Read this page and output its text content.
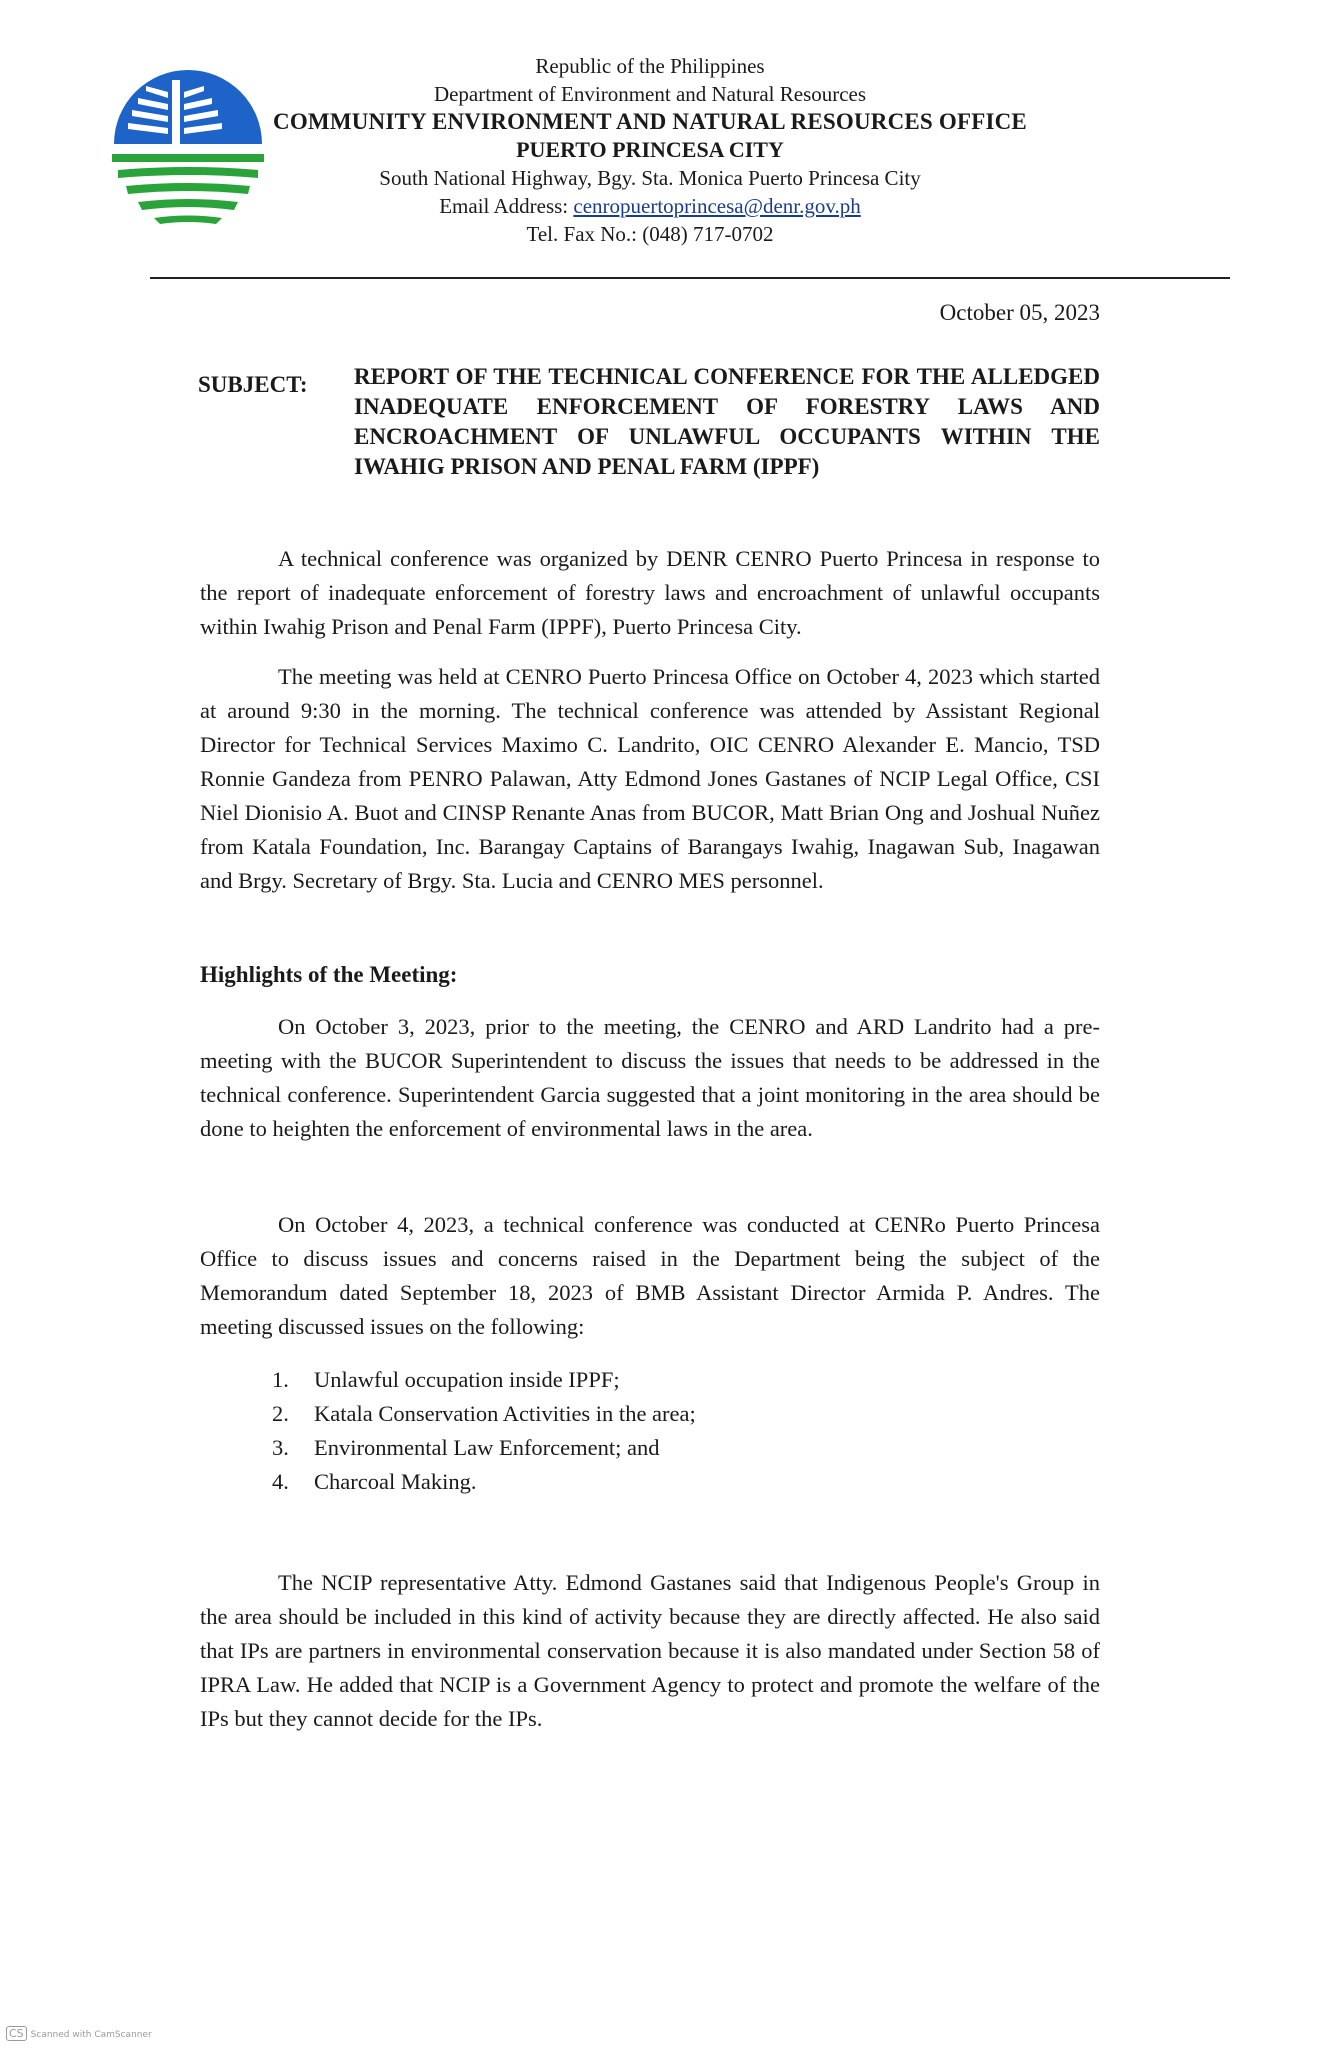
Republic of the Philippines
Department of Environment and Natural Resources
COMMUNITY ENVIRONMENT AND NATURAL RESOURCES OFFICE
PUERTO PRINCESA CITY
South National Highway, Bgy. Sta. Monica Puerto Princesa City
Email Address: cenropuertoprincesa@denr.gov.ph
Tel. Fax No.: (048) 717-0702
October 05, 2023
SUBJECT: REPORT OF THE TECHNICAL CONFERENCE FOR THE ALLEDGED INADEQUATE ENFORCEMENT OF FORESTRY LAWS AND ENCROACHMENT OF UNLAWFUL OCCUPANTS WITHIN THE IWAHIG PRISON AND PENAL FARM (IPPF)
A technical conference was organized by DENR CENRO Puerto Princesa in response to the report of inadequate enforcement of forestry laws and encroachment of unlawful occupants within Iwahig Prison and Penal Farm (IPPF), Puerto Princesa City.
The meeting was held at CENRO Puerto Princesa Office on October 4, 2023 which started at around 9:30 in the morning. The technical conference was attended by Assistant Regional Director for Technical Services Maximo C. Landrito, OIC CENRO Alexander E. Mancio, TSD Ronnie Gandeza from PENRO Palawan, Atty Edmond Jones Gastanes of NCIP Legal Office, CSI Niel Dionisio A. Buot and CINSP Renante Anas from BUCOR, Matt Brian Ong and Joshual Nuñez from Katala Foundation, Inc. Barangay Captains of Barangays Iwahig, Inagawan Sub, Inagawan and Brgy. Secretary of Brgy. Sta. Lucia and CENRO MES personnel.
Highlights of the Meeting:
On October 3, 2023, prior to the meeting, the CENRO and ARD Landrito had a pre-meeting with the BUCOR Superintendent to discuss the issues that needs to be addressed in the technical conference. Superintendent Garcia suggested that a joint monitoring in the area should be done to heighten the enforcement of environmental laws in the area.
On October 4, 2023, a technical conference was conducted at CENRo Puerto Princesa Office to discuss issues and concerns raised in the Department being the subject of the Memorandum dated September 18, 2023 of BMB Assistant Director Armida P. Andres. The meeting discussed issues on the following:
1. Unlawful occupation inside IPPF;
2. Katala Conservation Activities in the area;
3. Environmental Law Enforcement; and
4. Charcoal Making.
The NCIP representative Atty. Edmond Gastanes said that Indigenous People's Group in the area should be included in this kind of activity because they are directly affected. He also said that IPs are partners in environmental conservation because it is also mandated under Section 58 of IPRA Law. He added that NCIP is a Government Agency to protect and promote the welfare of the IPs but they cannot decide for the IPs.
CS Scanned with CamScanner
